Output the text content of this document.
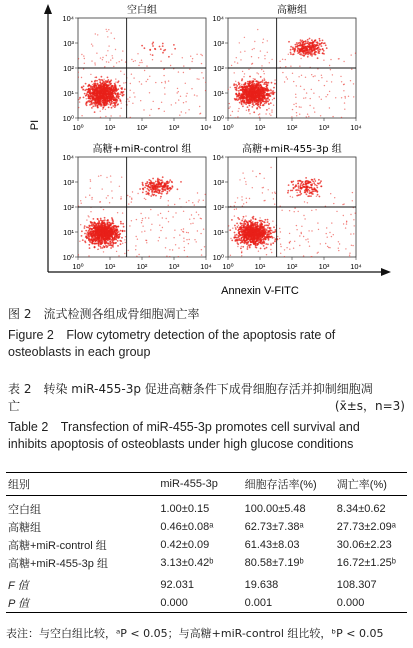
空白组
10⁰
10⁰
10¹
10¹
10²
10²
10³
10³
10⁴
10⁴
高糖组
10⁰
10⁰
10¹
10¹
10²
10²
10³
10³
10⁴
10⁴
高糖+miR-control 组
10⁰
10⁰
10¹
10¹
10²
10²
10³
10³
10⁴
10⁴
高糖+miR-455-3p 组
10⁰
10⁰
10¹
10¹
10²
10²
10³
10³
10⁴
10⁴
PI
Annexin V-FITC
图 2　流式检测各组成骨细胞凋亡率
Figure 2　Flow cytometry detection of the apoptosis rate of
osteoblasts in each group
表 2　转染 miR-455-3p 促进高糖条件下成骨细胞存活并抑制细胞凋
亡	(x̄±s，n=3)
Table 2　Transfection of miR-455-3p promotes cell survival and
inhibits apoptosis of osteoblasts under high glucose conditions
组别	miR-455-3p	细胞存活率(%)	凋亡率(%)
空白组	1.00±0.15	100.00±5.48	8.34±0.62
高糖组	0.46±0.08ᵃ	62.73±7.38ᵃ	27.73±2.09ᵃ
高糖+miR-control 组	0.42±0.09	61.43±8.03	30.06±2.23
高糖+miR-455-3p 组	3.13±0.42ᵇ	80.58±7.19ᵇ	16.72±1.25ᵇ
F 值	92.031	19.638	108.307
P 值	0.000	0.001	0.000
表注：与空白组比较，ᵃP < 0.05；与高糖+miR-control 组比较，ᵇP < 0.05
